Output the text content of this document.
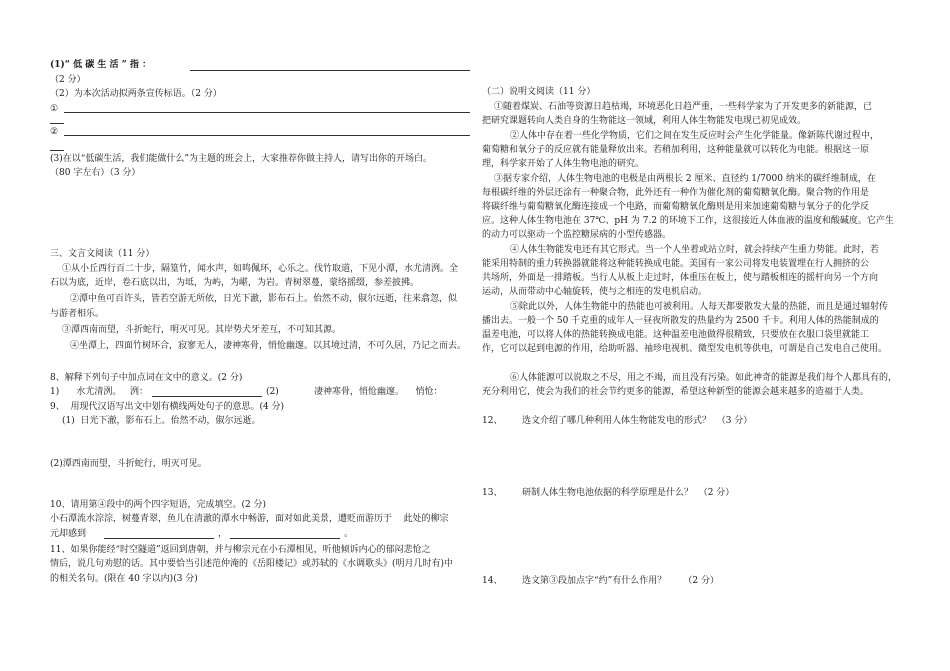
(1)“ 低 碳 生 活 ” 指 ：
（2 分）
（2）为本次活动拟两条宣传标语。（2 分）
①
②
(3)在以“低碳生活，我们能做什么”为主题的班会上，大家推荐你做主持人，请写出你的开场白。
（80 字左右）（3 分）
三、文言文阅读（11 分）
①从小丘西行百二十步，隔篁竹，闻水声，如鸣佩环，心乐之。伐竹取道，下见小潭，水尤清洌。全
石以为底，近岸，卷石底以出，为坻，为屿，为嵁，为岩。青树翠蔓，蒙络摇缀，参差披拂。
②潭中鱼可百许头，皆若空游无所依，日光下澈，影布石上。佁然不动，俶尔远逝，往来翕忽，似
与游者相乐。
③潭西南而望，斗折蛇行，明灭可见。其岸势犬牙差互，不可知其源。
④坐潭上，四面竹树环合，寂寥无人，凄神寒骨，悄怆幽邃。以其境过清，不可久居，乃记之而去。
8、解释下列句子中加点词在文中的意义。(2 分)
1)      水尤清洌。   洌：	(2)	凄神寒骨，悄怆幽邃。    悄怆：
9、  用现代汉语写出文中划有横线两处句子的意思。(4 分)
(1)  日光下澈，影布石上。佁然不动，俶尔远逝。
(2)潭西南而望，斗折蛇行，明灭可见。
10、请用第④段中的两个四字短语，完成填空。(2 分)
小石潭流水淙淙，树蔓青翠，鱼儿在清澈的潭水中畅游，面对如此美景，遭贬而游历于    此处的柳宗
元却感到	，	。
11、如果你能经“时空隧道”返回到唐朝，并与柳宗元在小石潭相见，听他倾诉内心的郁闷悲怆之
情后，说几句劝慰的话。其中要恰当引述范仲淹的《岳阳楼记》或苏轼的《水调歌头》(明月几时有)中
的相关名句。(限在 40 字以内)(3 分)
（二）说明文阅读（11 分）
①随着煤炭、石油等资源日趋枯竭，环境恶化日趋严重，一些科学家为了开发更多的新能源，已
把研究课题转向人类自身的生物能这一领域，利用人体生物能发电现已初见成效。
②人体中存在着一些化学物质，它们之间在发生反应时会产生化学能量。像新陈代谢过程中，
葡萄糖和氧分子的反应就有能量释放出来。若稍加利用，这种能量就可以转化为电能。根据这一原
理，科学家开始了人体生物电池的研究。
③据专家介绍，人体生物电池的电极是由两根长 2 厘米、直径约 1/7000 纳米的碳纤维制成，在
每根碳纤维的外层还涂有一种聚合物，此外还有一种作为催化剂的葡萄糖氧化酶。聚合物的作用是
将碳纤维与葡萄糖氧化酶连接成一个电路，而葡萄糖氧化酶则是用来加速葡萄糖与氧分子的化学反
应。这种人体生物电池在 37℃、pH 为 7.2 的环境下工作，这很接近人体血液的温度和酸碱度。它产生
的动力可以驱动一个监控糖尿病的小型传感器。
④人体生物能发电还有其它形式。当一个人坐着或站立时，就会持续产生重力势能。此时，若
能采用特制的重力转换器就能将这种能转换成电能。美国有一家公司将发电装置埋在行人拥挤的公
共场所，外面是一排踏板。当行人从板上走过时，体重压在板上，使与踏板相连的摇杆向另一个方向
运动，从而带动中心轴旋转，使与之相连的发电机启动。
⑤除此以外，人体生物能中的热能也可被利用。人每天都要散发大量的热能，而且是通过辐射传
播出去。一般一个 50 千克重的成年人一昼夜所散发的热量约为 2500 千卡。利用人体的热能制成的
温差电池，可以将人体的热能转换成电能。这种温差电池做得很精致，只要放在衣服口袋里就能工
作，它可以起到电源的作用，给助听器、袖珍电视机、微型发电机等供电，可谓是自己发电自己使用。
⑥人体能源可以说取之不尽，用之不竭，而且没有污染。如此神奇的能源是我们每个人都具有的，
充分利用它，使会为我们的社会节约更多的能源，希望这种新型的能源会越来越多的造福于人类。
12、 选文介绍了哪几种利用人体生物能发电的形式？  （3 分）
13、 研制人体生物电池依据的科学原理是什么？  （2 分）
14、 选文第③段加点字“约”有什么作用？      （2 分）
